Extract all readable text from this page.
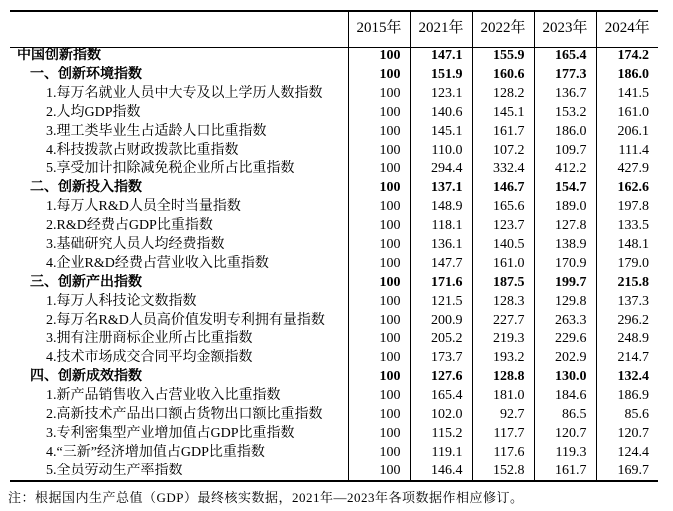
	2015年	2021年	2022年	2023年	2024年
中国创新指数	100	147.1	155.9	165.4	174.2
一、创新环境指数	100	151.9	160.6	177.3	186.0
1.每万名就业人员中大专及以上学历人数指数	100	123.1	128.2	136.7	141.5
2.人均GDP指数	100	140.6	145.1	153.2	161.0
3.理工类毕业生占适龄人口比重指数	100	145.1	161.7	186.0	206.1
4.科技拨款占财政拨款比重指数	100	110.0	107.2	109.7	111.4
5.享受加计扣除减免税企业所占比重指数	100	294.4	332.4	412.2	427.9
二、创新投入指数	100	137.1	146.7	154.7	162.6
1.每万人R&D人员全时当量指数	100	148.9	165.6	189.0	197.8
2.R&D经费占GDP比重指数	100	118.1	123.7	127.8	133.5
3.基础研究人员人均经费指数	100	136.1	140.5	138.9	148.1
4.企业R&D经费占营业收入比重指数	100	147.7	161.0	170.9	179.0
三、创新产出指数	100	171.6	187.5	199.7	215.8
1.每万人科技论文数指数	100	121.5	128.3	129.8	137.3
2.每万名R&D人员高价值发明专利拥有量指数	100	200.9	227.7	263.3	296.2
3.拥有注册商标企业所占比重指数	100	205.2	219.3	229.6	248.9
4.技术市场成交合同平均金额指数	100	173.7	193.2	202.9	214.7
四、创新成效指数	100	127.6	128.8	130.0	132.4
1.新产品销售收入占营业收入比重指数	100	165.4	181.0	184.6	186.9
2.高新技术产品出口额占货物出口额比重指数	100	102.0	92.7	86.5	85.6
3.专利密集型产业增加值占GDP比重指数	100	115.2	117.7	120.7	120.7
4.“三新”经济增加值占GDP比重指数	100	119.1	117.6	119.3	124.4
5.全员劳动生产率指数	100	146.4	152.8	161.7	169.7
注：根据国内生产总值（GDP）最终核实数据，2021年—2023年各项数据作相应修订。
